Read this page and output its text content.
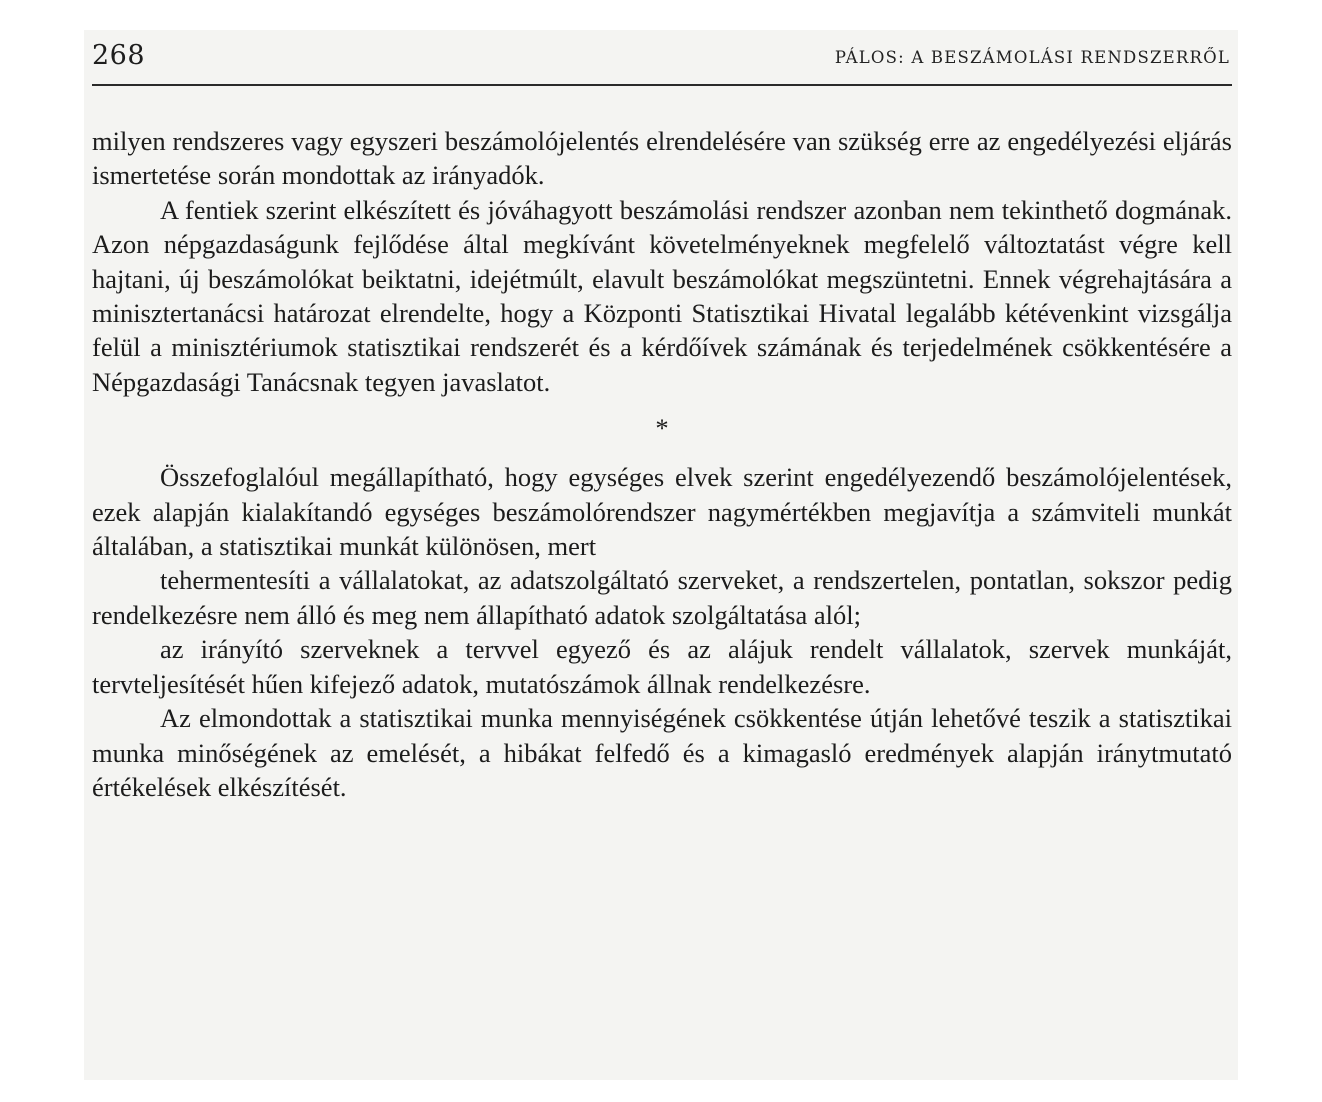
268	PÁLOS: A BESZÁMOLÁSI RENDSZERRŐL

milyen rendszeres vagy egyszeri beszámolójelentés elrendelésére van szükség erre az engedélyezési eljárás ismertetése során mondottak az irányadók.

A fentiek szerint elkészített és jóváhagyott beszámolási rendszer azonban nem tekinthető dogmának. Azon népgazdaságunk fejlődése által megkívánt követelményeknek megfelelő változtatást végre kell hajtani, új beszámolókat beiktatni, idejétmúlt, elavult beszámolókat megszüntetni. Ennek végrehajtására a minisztertanácsi határozat elrendelte, hogy a Központi Statisztikai Hivatal legalább kétévenkint vizsgálja felül a minisztériumok statisztikai rendszerét és a kérdőívek számának és terjedelmének csökkentésére a Népgazdasági Tanácsnak tegyen javaslatot.

*

Összefoglalóul megállapítható, hogy egységes elvek szerint engedélyezendő beszámolójelentések, ezek alapján kialakítandó egységes beszámolórendszer nagymértékben megjavítja a számviteli munkát általában, a statisztikai munkát különösen, mert

tehermentesíti a vállalatokat, az adatszolgáltató szerveket, a rendszertelen, pontatlan, sokszor pedig rendelkezésre nem álló és meg nem állapítható adatok szolgáltatása alól;

az irányító szerveknek a tervvel egyező és az alájuk rendelt vállalatok, szervek munkáját, tervteljesítését hűen kifejező adatok, mutatószámok állnak rendelkezésre.

Az elmondottak a statisztikai munka mennyiségének csökkentése útján lehetővé teszik a statisztikai munka minőségének az emelését, a hibákat felfedő és a kimagasló eredmények alapján iránytmutató értékelések elkészítését.
